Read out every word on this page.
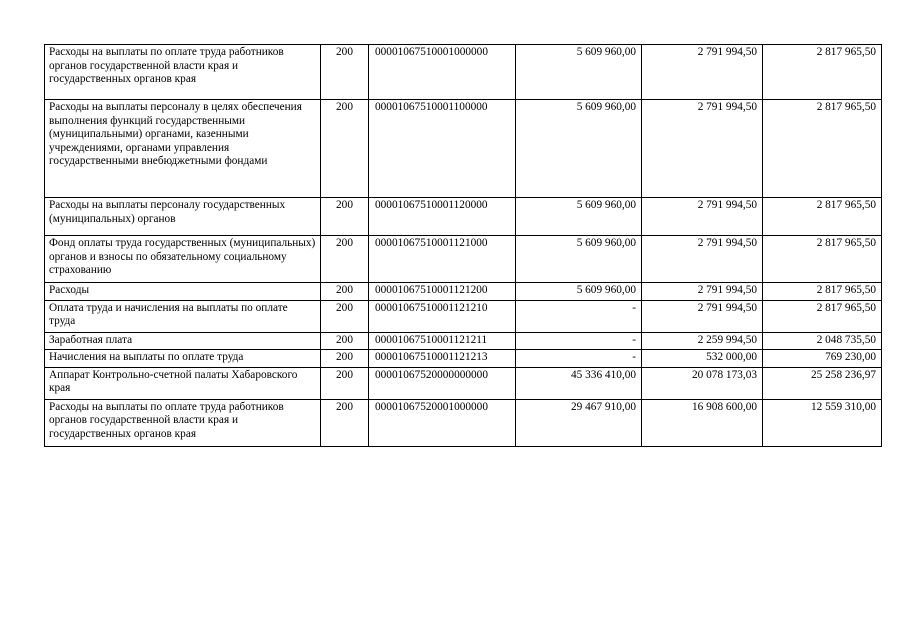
Расходы на выплаты по оплате труда работников органов государственной власти края и государственных органов края	200	00001067510001000000	5 609 960,00	2 791 994,50	2 817 965,50
Расходы на выплаты персоналу в целях обеспечения выполнения функций государственными (муниципальными) органами, казенными учреждениями, органами управления государственными внебюджетными фондами	200	00001067510001100000	5 609 960,00	2 791 994,50	2 817 965,50
Расходы на выплаты персоналу государственных (муниципальных) органов	200	00001067510001120000	5 609 960,00	2 791 994,50	2 817 965,50
Фонд оплаты труда государственных (муниципальных) органов и взносы по обязательному социальному страхованию	200	00001067510001121000	5 609 960,00	2 791 994,50	2 817 965,50
Расходы	200	00001067510001121200	5 609 960,00	2 791 994,50	2 817 965,50
Оплата труда и начисления на выплаты по оплате труда	200	00001067510001121210	-	2 791 994,50	2 817 965,50
Заработная плата	200	00001067510001121211	-	2 259 994,50	2 048 735,50
Начисления на выплаты по оплате труда	200	00001067510001121213	-	532 000,00	769 230,00
Аппарат Контрольно-счетной палаты Хабаровского края	200	00001067520000000000	45 336 410,00	20 078 173,03	25 258 236,97
Расходы на выплаты по оплате труда работников органов государственной власти края и государственных органов края	200	00001067520001000000	29 467 910,00	16 908 600,00	12 559 310,00
